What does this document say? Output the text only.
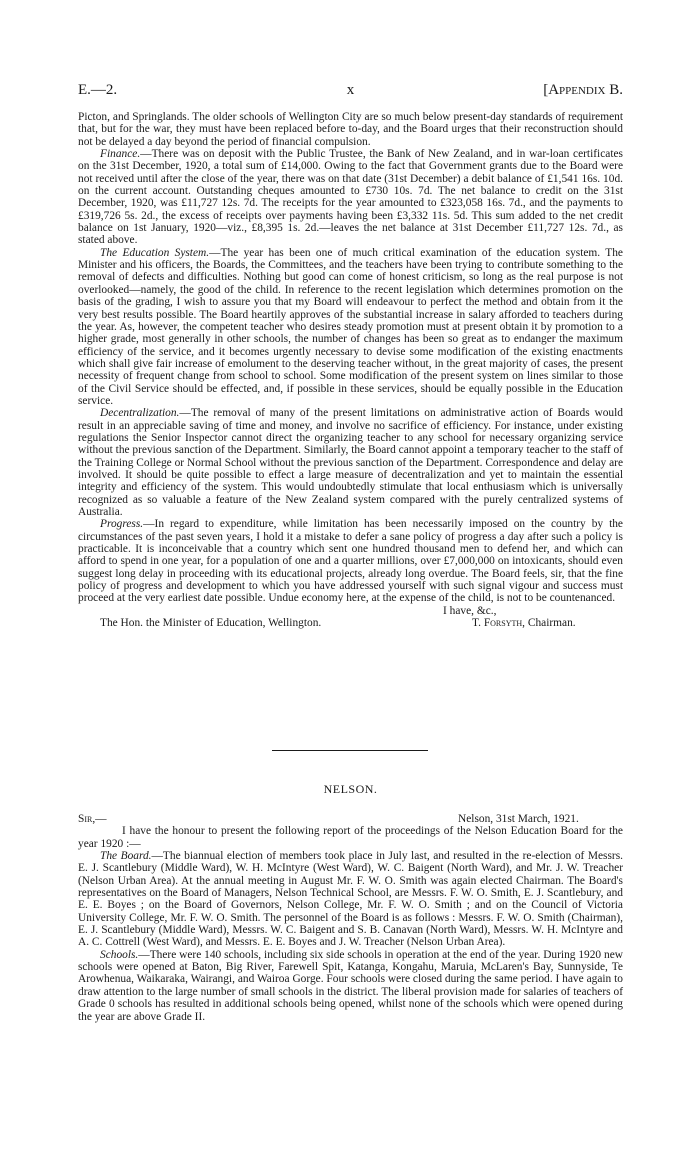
E.—2.	x	[Appendix B.

Picton, and Springlands. The older schools of Wellington City are so much below present-day standards of requirement that, but for the war, they must have been replaced before to-day, and the Board urges that their reconstruction should not be delayed a day beyond the period of financial compulsion.

Finance.—There was on deposit with the Public Trustee, the Bank of New Zealand, and in war-loan certificates on the 31st December, 1920, a total sum of £14,000. Owing to the fact that Government grants due to the Board were not received until after the close of the year, there was on that date (31st December) a debit balance of £1,541 16s. 10d. on the current account. Outstanding cheques amounted to £730 10s. 7d. The net balance to credit on the 31st December, 1920, was £11,727 12s. 7d. The receipts for the year amounted to £323,058 16s. 7d., and the payments to £319,726 5s. 2d., the excess of receipts over payments having been £3,332 11s. 5d. This sum added to the net credit balance on 1st January, 1920—viz., £8,395 1s. 2d.—leaves the net balance at 31st December £11,727 12s. 7d., as stated above.

The Education System.—The year has been one of much critical examination of the education system. The Minister and his officers, the Boards, the Committees, and the teachers have been trying to contribute something to the removal of defects and difficulties. Nothing but good can come of honest criticism, so long as the real purpose is not overlooked—namely, the good of the child. In reference to the recent legislation which determines promotion on the basis of the grading, I wish to assure you that my Board will endeavour to perfect the method and obtain from it the very best results possible. The Board heartily approves of the substantial increase in salary afforded to teachers during the year. As, however, the competent teacher who desires steady promotion must at present obtain it by promotion to a higher grade, most generally in other schools, the number of changes has been so great as to endanger the maximum efficiency of the service, and it becomes urgently necessary to devise some modification of the existing enactments which shall give fair increase of emolument to the deserving teacher without, in the great majority of cases, the present necessity of frequent change from school to school. Some modification of the present system on lines similar to those of the Civil Service should be effected, and, if possible in these services, should be equally possible in the Education service.

Decentralization.—The removal of many of the present limitations on administrative action of Boards would result in an appreciable saving of time and money, and involve no sacrifice of efficiency. For instance, under existing regulations the Senior Inspector cannot direct the organizing teacher to any school for necessary organizing service without the previous sanction of the Department. Similarly, the Board cannot appoint a temporary teacher to the staff of the Training College or Normal School without the previous sanction of the Department. Correspondence and delay are involved. It should be quite possible to effect a large measure of decentralization and yet to maintain the essential integrity and efficiency of the system. This would undoubtedly stimulate that local enthusiasm which is universally recognized as so valuable a feature of the New Zealand system compared with the purely centralized systems of Australia.

Progress.—In regard to expenditure, while limitation has been necessarily imposed on the country by the circumstances of the past seven years, I hold it a mistake to defer a sane policy of progress a day after such a policy is practicable. It is inconceivable that a country which sent one hundred thousand men to defend her, and which can afford to spend in one year, for a population of one and a quarter millions, over £7,000,000 on intoxicants, should even suggest long delay in proceeding with its educational projects, already long overdue. The Board feels, sir, that the fine policy of progress and development to which you have addressed yourself with such signal vigour and success must proceed at the very earliest date possible. Undue economy here, at the expense of the child, is not to be countenanced.

I have, &c.,
The Hon. the Minister of Education, Wellington.	T. Forsyth, Chairman.
NELSON.
Sir,—	Nelson, 31st March, 1921.

I have the honour to present the following report of the proceedings of the Nelson Education Board for the year 1920 :—

The Board.—The biannual election of members took place in July last, and resulted in the re-election of Messrs. E. J. Scantlebury (Middle Ward), W. H. McIntyre (West Ward), W. C. Baigent (North Ward), and Mr. J. W. Treacher (Nelson Urban Area). At the annual meeting in August Mr. F. W. O. Smith was again elected Chairman. The Board's representatives on the Board of Managers, Nelson Technical School, are Messrs. F. W. O. Smith, E. J. Scantlebury, and E. E. Boyes ; on the Board of Governors, Nelson College, Mr. F. W. O. Smith ; and on the Council of Victoria University College, Mr. F. W. O. Smith. The personnel of the Board is as follows : Messrs. F. W. O. Smith (Chairman), E. J. Scantlebury (Middle Ward), Messrs. W. C. Baigent and S. B. Canavan (North Ward), Messrs. W. H. McIntyre and A. C. Cottrell (West Ward), and Messrs. E. E. Boyes and J. W. Treacher (Nelson Urban Area).

Schools.—There were 140 schools, including six side schools in operation at the end of the year. During 1920 new schools were opened at Baton, Big River, Farewell Spit, Katanga, Kongahu, Maruia, McLaren's Bay, Sunnyside, Te Arowhenua, Waikaraka, Wairangi, and Wairoa Gorge. Four schools were closed during the same period. I have again to draw attention to the large number of small schools in the district. The liberal provision made for salaries of teachers of Grade 0 schools has resulted in additional schools being opened, whilst none of the schools which were opened during the year are above Grade II.
